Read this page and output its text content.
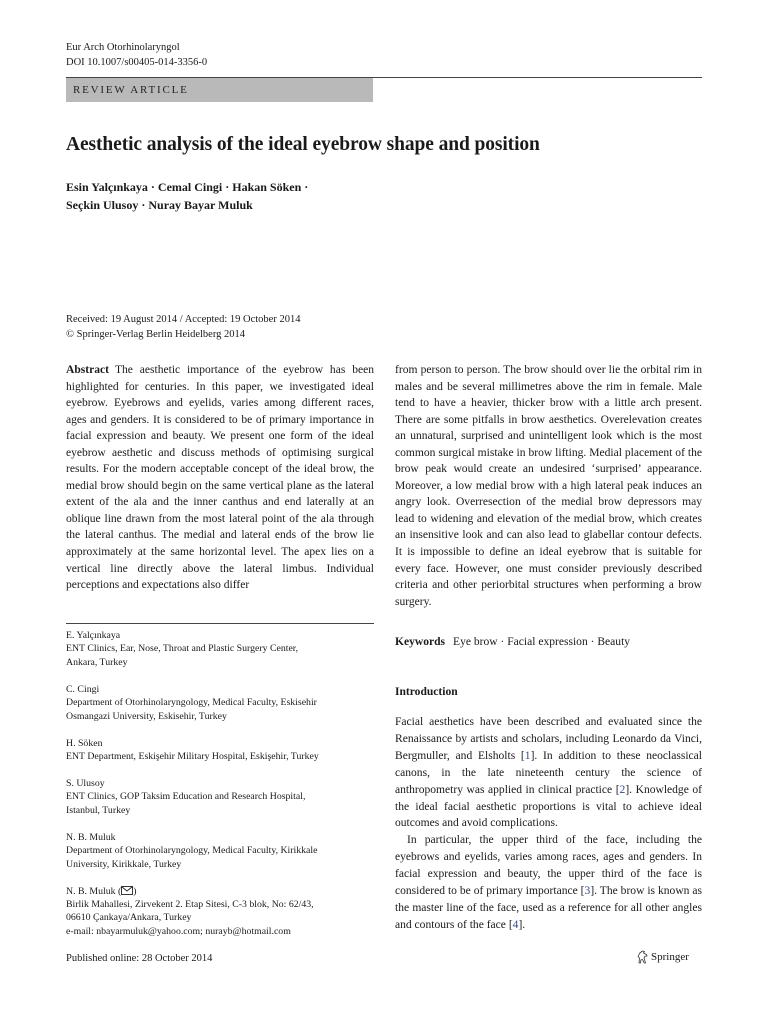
Eur Arch Otorhinolaryngol
DOI 10.1007/s00405-014-3356-0
REVIEW ARTICLE
Aesthetic analysis of the ideal eyebrow shape and position
Esin Yalçınkaya · Cemal Cingi · Hakan Söken ·
Seçkin Ulusoy · Nuray Bayar Muluk
Received: 19 August 2014 / Accepted: 19 October 2014
© Springer-Verlag Berlin Heidelberg 2014

Abstract The aesthetic importance of the eyebrow has been highlighted for centuries. In this paper, we investigated ideal eyebrow. Eyebrows and eyelids, varies among different races, ages and genders. It is considered to be of primary importance in facial expression and beauty. We present one form of the ideal eyebrow aesthetic and discuss methods of optimising surgical results. For the modern acceptable concept of the ideal brow, the medial brow should begin on the same vertical plane as the lateral extent of the ala and the inner canthus and end laterally at an oblique line drawn from the most lateral point of the ala through the lateral canthus. The medial and lateral ends of the brow lie approximately at the same horizontal level. The apex lies on a vertical line directly above the lateral limbus. Individual perceptions and expectations also differ

E. Yalçınkaya
ENT Clinics, Ear, Nose, Throat and Plastic Surgery Center,
Ankara, Turkey
C. Cingi
Department of Otorhinolaryngology, Medical Faculty, Eskisehir
Osmangazi University, Eskisehir, Turkey
H. Söken
ENT Department, Eskişehir Military Hospital, Eskişehir, Turkey
S. Ulusoy
ENT Clinics, GOP Taksim Education and Research Hospital,
Istanbul, Turkey
N. B. Muluk
Department of Otorhinolaryngology, Medical Faculty, Kirikkale
University, Kirikkale, Turkey
N. B. Muluk ( )
Birlik Mahallesi, Zirvekent 2. Etap Sitesi, C-3 blok, No: 62/43,
06610 Çankaya/Ankara, Turkey
e-mail: nbayarmuluk@yahoo.com; nurayb@hotmail.com

from person to person. The brow should over lie the orbital rim in males and be several millimetres above the rim in female. Male tend to have a heavier, thicker brow with a little arch present. There are some pitfalls in brow aesthetics. Overelevation creates an unnatural, surprised and unintelligent look which is the most common surgical mistake in brow lifting. Medial placement of the brow peak would create an undesired ‘surprised’ appearance. Moreover, a low medial brow with a high lateral peak induces an angry look. Overresection of the medial brow depressors may lead to widening and elevation of the medial brow, which creates an insensitive look and can also lead to glabellar contour defects. It is impossible to define an ideal eyebrow that is suitable for every face. However, one must consider previously described criteria and other periorbital structures when performing a brow surgery.

Keywords Eye brow · Facial expression · Beauty
Introduction

Facial aesthetics have been described and evaluated since the Renaissance by artists and scholars, including Leonardo da Vinci, Bergmuller, and Elsholts [1]. In addition to these neoclassical canons, in the late nineteenth century the science of anthropometry was applied in clinical practice [2]. Knowledge of the ideal facial aesthetic proportions is vital to achieve ideal outcomes and avoid complications.

In particular, the upper third of the face, including the eyebrows and eyelids, varies among races, ages and genders. In facial expression and beauty, the upper third of the face is considered to be of primary importance [3]. The brow is known as the master line of the face, used as a reference for all other angles and contours of the face [4].

Published online: 28 October 2014	Springer
